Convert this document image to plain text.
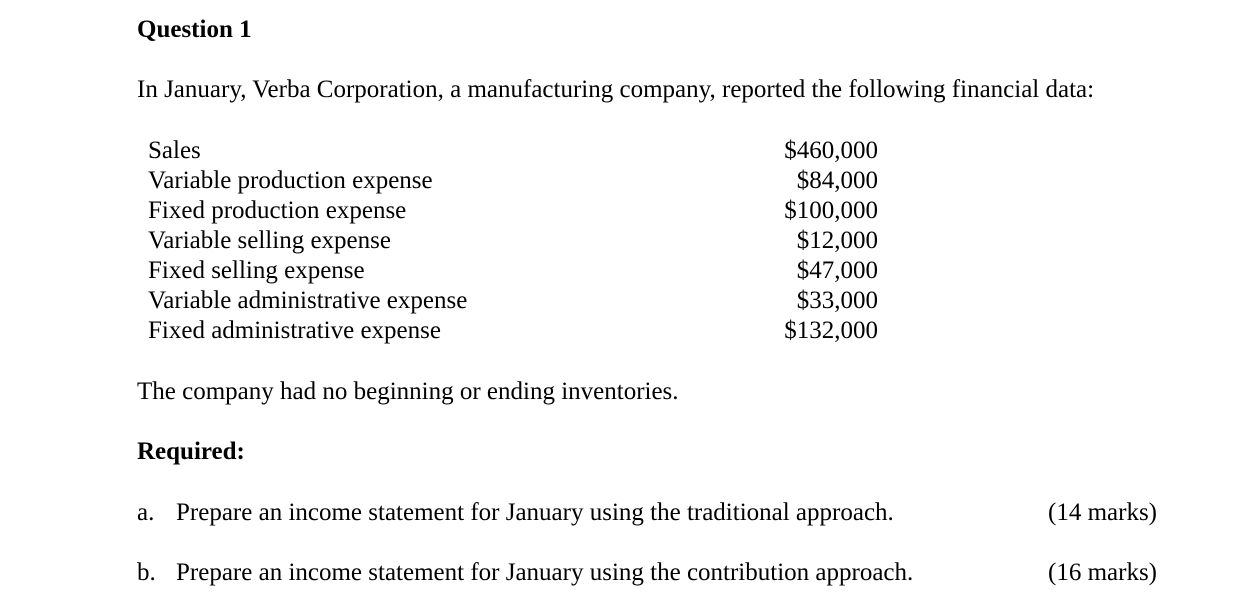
Question 1

In January, Verba Corporation, a manufacturing company, reported the following financial data:

Sales	$460,000
Variable production expense	$84,000
Fixed production expense	$100,000
Variable selling expense	$12,000
Fixed selling expense	$47,000
Variable administrative expense	$33,000
Fixed administrative expense	$132,000

The company had no beginning or ending inventories.

Required:
a. Prepare an income statement for January using the traditional approach.	(14 marks)
b. Prepare an income statement for January using the contribution approach.	(16 marks)
